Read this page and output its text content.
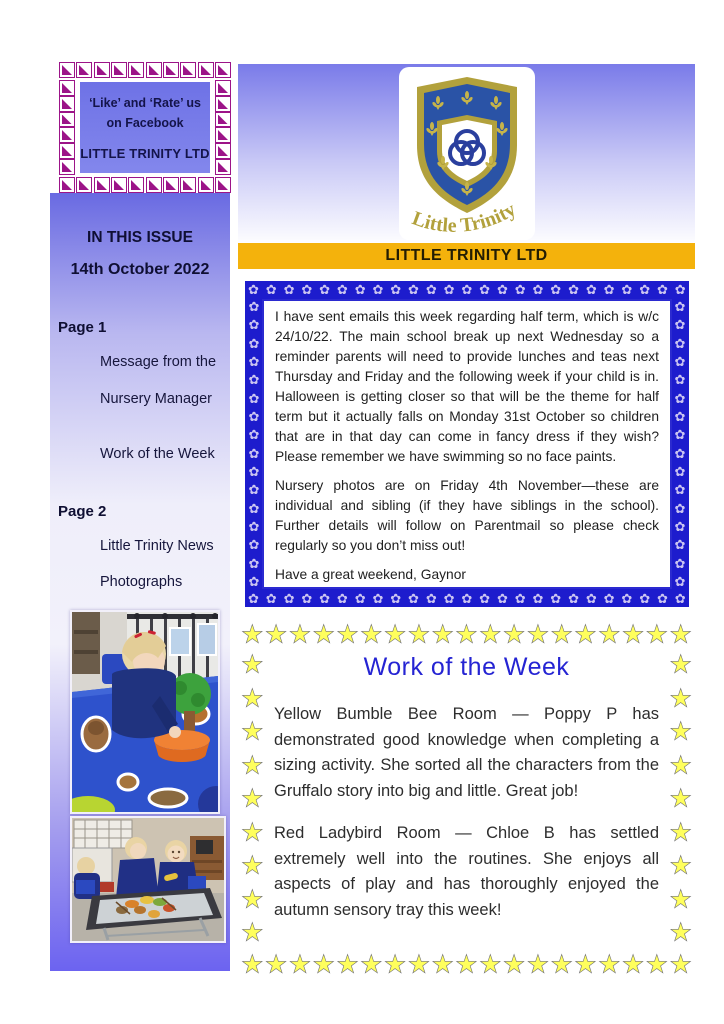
‘Like’ and ‘Rate’ us
on Facebook
LITTLE TRINITY LTD
IN THIS ISSUE
14th October 2022
Page 1
Message from the
Nursery Manager
Work of the Week
Page 2
Little Trinity News
Photographs
Little Trinity
LITTLE TRINITY LTD
✿ ✿ ✿ ✿ ✿ ✿ ✿ ✿ ✿ ✿ ✿ ✿ ✿ ✿ ✿ ✿ ✿ ✿ ✿ ✿ ✿ ✿ ✿ ✿ ✿
✿ ✿ ✿ ✿ ✿ ✿ ✿ ✿ ✿ ✿ ✿ ✿ ✿ ✿ ✿ ✿ ✿ ✿ ✿ ✿ ✿ ✿ ✿ ✿ ✿
✿
✿
✿
✿
✿
✿
✿
✿
✿
✿
✿
✿
✿
✿
✿
✿
✿
✿
✿
✿
✿
✿
✿
✿
✿
✿
✿
✿
✿
✿
✿
✿

I have sent emails this week regarding half term, which is w/c 24/10/22. The main school break up next Wednesday so a reminder parents will need to provide lunches and teas next Thursday and Friday and the following week if your child is in. Halloween is getting closer so that will be the theme for half term but it actually falls on Monday 31st October so children that are in that day can come in fancy dress if they wish? Please remember we have swimming so no face paints.

Nursery photos are on Friday 4th November—these are individual and sibling (if they have siblings in the school). Further details will follow on Parentmail so please check regularly so you don’t miss out!

Have a great weekend, Gaynor

★ ★ ★ ★ ★ ★ ★ ★ ★ ★ ★ ★ ★ ★ ★ ★ ★ ★ ★
★ ★ ★ ★ ★ ★ ★ ★ ★ ★ ★ ★ ★ ★ ★ ★ ★ ★ ★
★
★
★
★
★
★
★
★
★
★
★
★
★
★
★
★
★
★
Work of the Week

Yellow Bumble Bee Room — Poppy P has demonstrated good knowledge when completing a sizing activity. She sorted all the characters from the Gruffalo story into big and little. Great job!

Red Ladybird Room — Chloe B has settled extremely well into the routines. She enjoys all aspects of play and has thoroughly enjoyed the autumn sensory tray this week!
